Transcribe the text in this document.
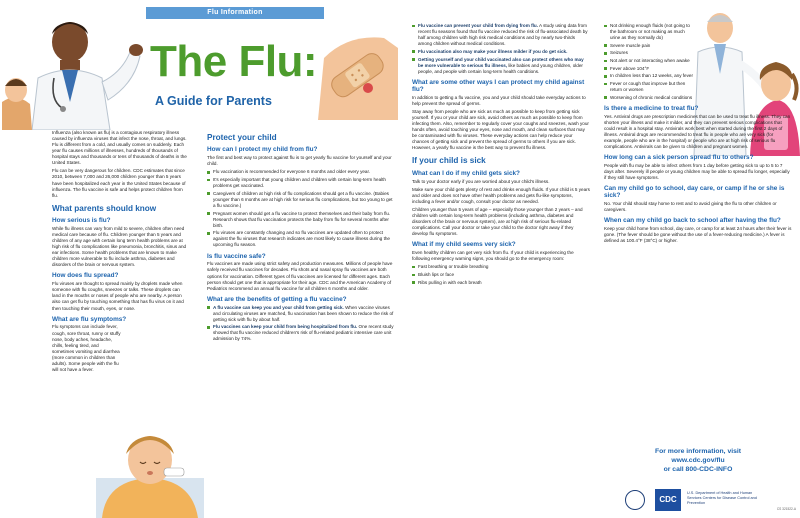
Flu Information
The Flu:
A Guide for Parents

Influenza (also known as flu) is a contagious respiratory illness caused by influenza viruses that infect the nose, throat, and lungs. Flu is different from a cold, and usually comes on suddenly. Each year flu causes millions of illnesses, hundreds of thousands of hospital stays and thousands or tens of thousands of deaths in the United States.

Flu can be very dangerous for children. CDC estimates that since 2010, between 7,000 and 26,000 children younger than 5 years have been hospitalized each year in the United States because of influenza. The flu vaccine is safe and helps protect children from flu.

What parents should know
How serious is flu?

While flu illness can vary from mild to severe, children often need medical care because of flu. Children younger than 5 years and children of any age with certain long term health problems are at high risk of flu complications like pneumonia, bronchitis, sinus and ear infections. Some health problems that are known to make children more vulnerable to flu include asthma, diabetes and disorders of the brain or nervous system.

How does flu spread?

Flu viruses are thought to spread mainly by droplets made when someone with flu coughs, sneezes or talks. These droplets can land in the mouths or noses of people who are nearby. A person also can get flu by touching something that has flu virus on it and then touching their mouth, eyes, or nose.

What are flu symptoms?

Flu symptoms can include fever, cough, sore throat, runny or stuffy nose, body aches, headache, chills, feeling tired, and sometimes vomiting and diarrhea (more common in children than adults). Some people with the flu will not have a fever.

Protect your child
How can I protect my child from flu?

The first and best way to protect against flu is to get yearly flu vaccine for yourself and your child.

Flu vaccination is recommended for everyone 6 months and older every year.
It's especially important that young children and children with certain long-term health problems get vaccinated.
Caregivers of children at high risk of flu complications should get a flu vaccine. (Babies younger than 6 months are at high risk for serious flu complications, but too young to get a flu vaccine.)
Pregnant women should get a flu vaccine to protect themselves and their baby from flu. Research shows that flu vaccination protects the baby from flu for several months after birth.
Flu viruses are constantly changing and so flu vaccines are updated often to protect against the flu viruses that research indicates are most likely to cause illness during the upcoming flu season.
Is flu vaccine safe?

Flu vaccines are made using strict safety and production measures. Millions of people have safely received flu vaccines for decades. Flu shots and nasal spray flu vaccines are both options for vaccination. Different types of flu vaccines are licensed for different ages. Each person should get one that is appropriate for their age. CDC and the American Academy of Pediatrics recommend an annual flu vaccine for all children 6 months and older.

What are the benefits of getting a flu vaccine?
A flu vaccine can keep you and your child from getting sick. When vaccine viruses and circulating viruses are matched, flu vaccination has been shown to reduce the risk of getting sick with flu by about half.
Flu vaccines can keep your child from being hospitalized from flu. One recent study showed that flu vaccine reduced children's risk of flu-related pediatric intensive care unit admission by 74%.
Flu vaccine can prevent your child from dying from flu. A study using data from recent flu seasons found that flu vaccine reduced the risk of flu-associated death by half among children with high risk medical conditions and by nearly two-thirds among children without medical conditions.
Flu vaccination also may make your illness milder if you do get sick.
Getting yourself and your child vaccinated also can protect others who may be more vulnerable to serious flu illness, like babies and young children, older people, and people with certain long-term health conditions.
What are some other ways I can protect my child against flu?

In addition to getting a flu vaccine, you and your child should take everyday actions to help prevent the spread of germs.

Stay away from people who are sick as much as possible to keep from getting sick yourself. If you or your child are sick, avoid others as much as possible to keep from infecting them. Also, remember to regularly cover your coughs and sneezes, wash your hands often, avoid touching your eyes, nose and mouth, and clean surfaces that may be contaminated with flu viruses. These everyday actions can help reduce your chances of getting sick and prevent the spread of germs to others if you are sick. However, a yearly flu vaccine is the best way to prevent flu illness.

If your child is sick
What can I do if my child gets sick?

Talk to your doctor early if you are worried about your child's illness.

Make sure your child gets plenty of rest and drinks enough fluids. If your child is 5 years and older and does not have other health problems and gets flu-like symptoms, including a fever and/or cough, consult your doctor as needed.

Children younger than 5 years of age – especially those younger than 2 years – and children with certain long-term health problems (including asthma, diabetes and disorders of the brain or nervous system), are at high risk of serious flu-related complications. Call your doctor or take your child to the doctor right away if they develop flu symptoms.

What if my child seems very sick?

Even healthy children can get very sick from flu. If your child is experiencing the following emergency warning signs, you should go to the emergency room:

Fast breathing or trouble breathing
Bluish lips or face
Ribs pulling in with each breath
Not drinking enough fluids (not going to the bathroom or not making as much urine as they normally do)
Severe muscle pain
Seizures
Not alert or not interacting when awake
Fever above 104°F
In children less than 12 weeks, any fever
Fever or cough that improve but then return or worsen
Worsening of chronic medical conditions
Is there a medicine to treat flu?

Yes. Antiviral drugs are prescription medicines that can be used to treat flu illness. They can shorten your illness and make it milder, and they can prevent serious complications that could result in a hospital stay. Antivirals work best when started during the first 2 days of illness. Antiviral drugs are recommended to treat flu in people who are very sick (for example, people who are in the hospital) or people who are at high risk of serious flu complications. Antivirals can be given to children and pregnant women.

How long can a sick person spread flu to others?

People with flu may be able to infect others from 1 day before getting sick to up to 5 to 7 days after. Severely ill people or young children may be able to spread flu longer, especially if they still have symptoms.

Can my child go to school, day care, or camp if he or she is sick?

No. Your child should stay home to rest and to avoid giving the flu to other children or caregivers.

When can my child go back to school after having the flu?

Keep your child home from school, day care, or camp for at least 24 hours after their fever is gone. (The fever should be gone without the use of a fever-reducing medicine.) A fever is defined as 100.4°F (38°C) or higher.

For more information, visit
www.cdc.gov/flu
or call 800-CDC-INFO
CDC
U.S. Department of Health and Human Services Centers for Disease Control and Prevention
CS 321522-A
